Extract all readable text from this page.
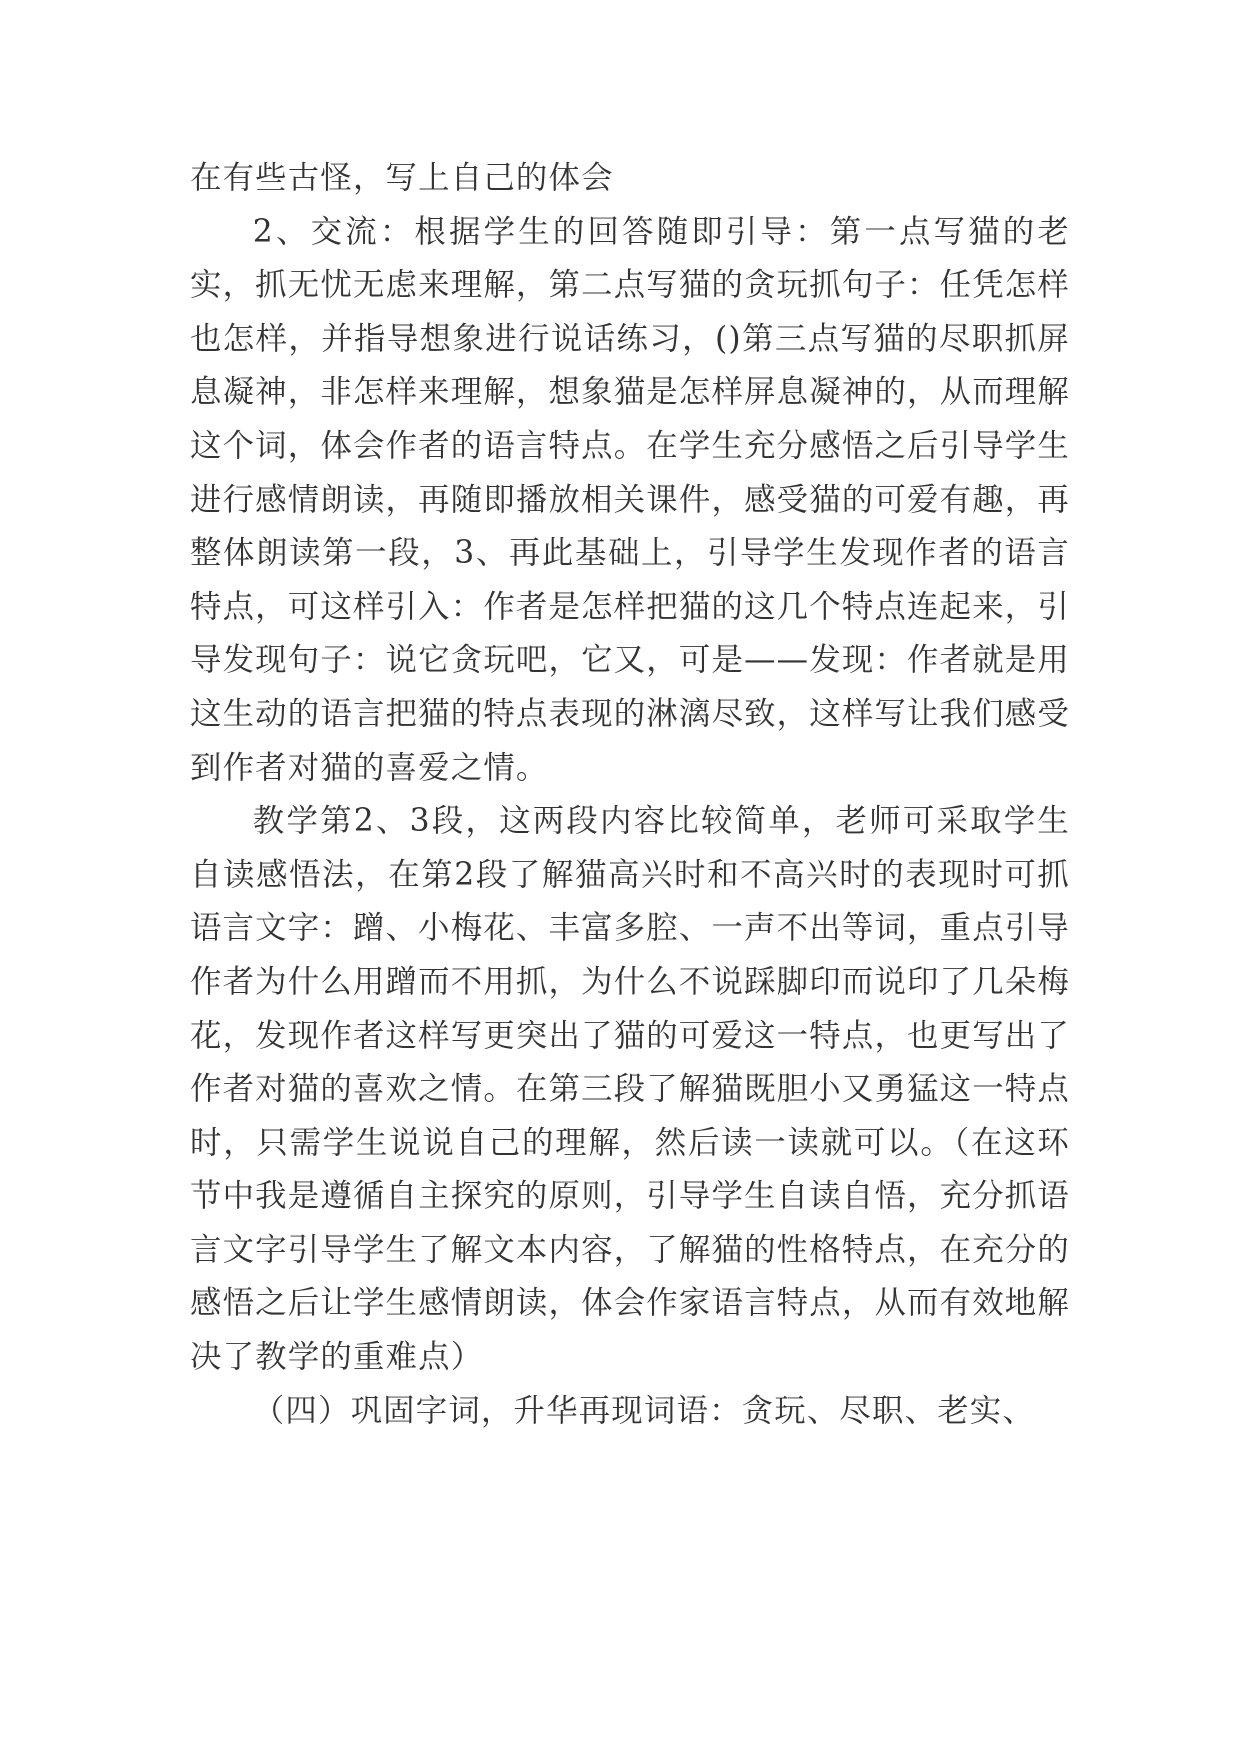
在有些古怪，写上自己的体会

2、交流：根据学生的回答随即引导：第一点写猫的老实，抓无忧无虑来理解，第二点写猫的贪玩抓句子：任凭怎样也怎样，并指导想象进行说话练习，()第三点写猫的尽职抓屏息凝神，非怎样来理解，想象猫是怎样屏息凝神的，从而理解这个词，体会作者的语言特点。在学生充分感悟之后引导学生进行感情朗读，再随即播放相关课件，感受猫的可爱有趣，再整体朗读第一段，3、再此基础上，引导学生发现作者的语言特点，可这样引入：作者是怎样把猫的这几个特点连起来，引导发现句子：说它贪玩吧，它又，可是——发现：作者就是用这生动的语言把猫的特点表现的淋漓尽致，这样写让我们感受到作者对猫的喜爱之情。

教学第2、3段，这两段内容比较简单，老师可采取学生自读感悟法，在第2段了解猫高兴时和不高兴时的表现时可抓语言文字：蹭、小梅花、丰富多腔、一声不出等词，重点引导作者为什么用蹭而不用抓，为什么不说踩脚印而说印了几朵梅花，发现作者这样写更突出了猫的可爱这一特点，也更写出了作者对猫的喜欢之情。在第三段了解猫既胆小又勇猛这一特点时，只需学生说说自己的理解，然后读一读就可以。（在这环节中我是遵循自主探究的原则，引导学生自读自悟，充分抓语言文字引导学生了解文本内容，了解猫的性格特点，在充分的感悟之后让学生感情朗读，体会作家语言特点，从而有效地解决了教学的重难点）

（四）巩固字词，升华再现词语：贪玩、尽职、老实、
